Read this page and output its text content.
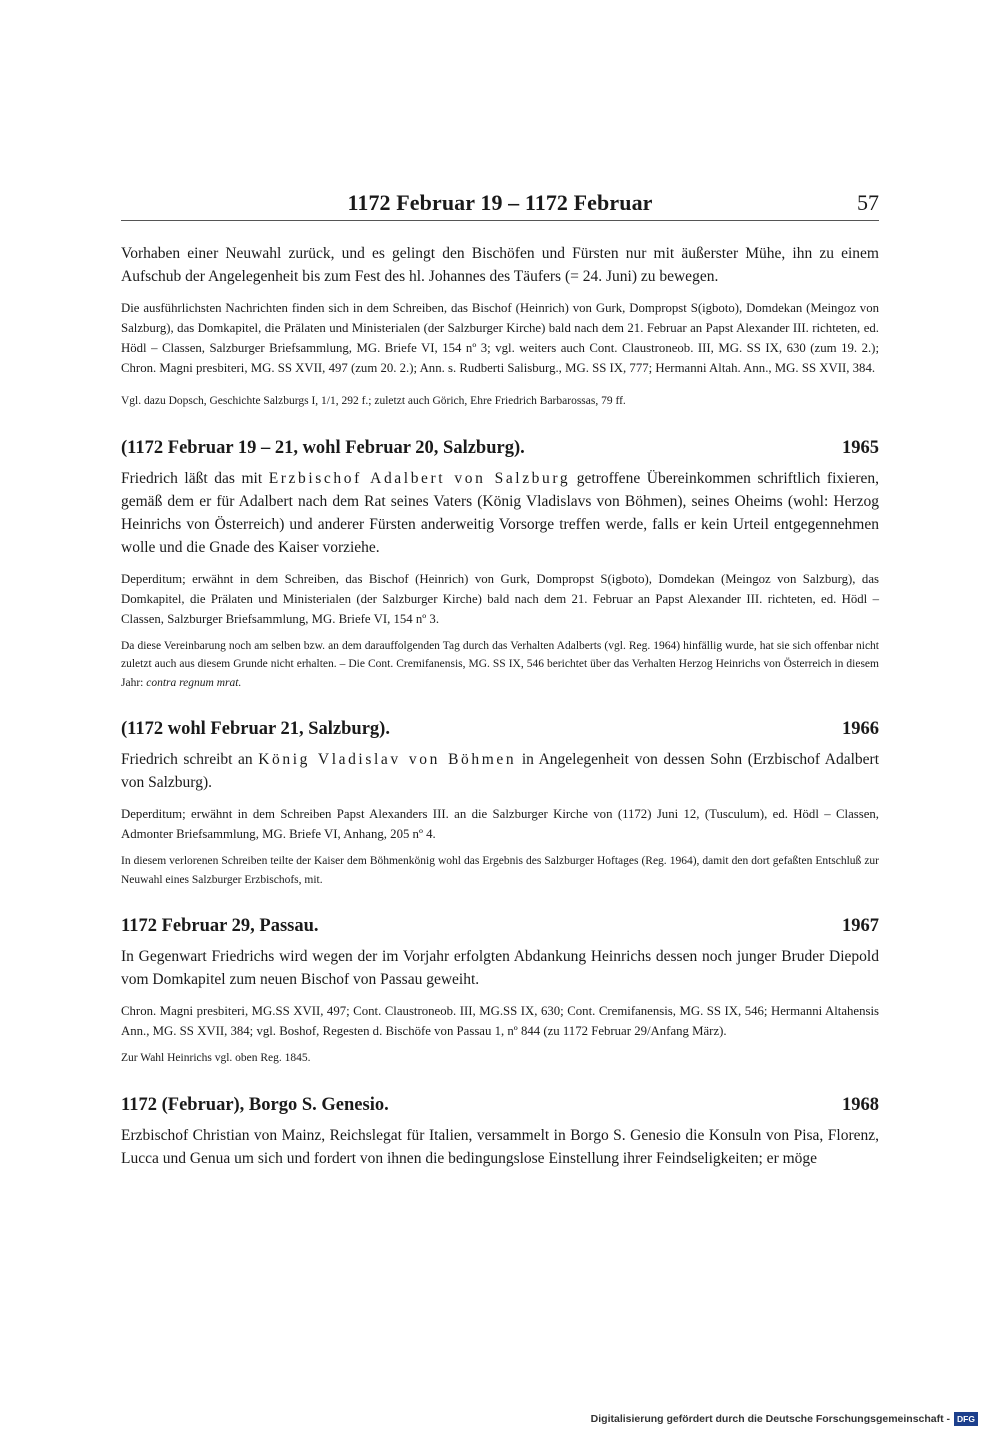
1172 Februar 19 – 1172 Februar	57

Vorhaben einer Neuwahl zurück, und es gelingt den Bischöfen und Fürsten nur mit äußerster Mühe, ihn zu einem Aufschub der Angelegenheit bis zum Fest des hl. Johannes des Täufers (= 24. Juni) zu bewegen.

Die ausführlichsten Nachrichten finden sich in dem Schreiben, das Bischof (Heinrich) von Gurk, Dompropst S(igboto), Domdekan (Meingoz von Salzburg), das Domkapitel, die Prälaten und Ministerialen (der Salzburger Kirche) bald nach dem 21. Februar an Papst Alexander III. richteten, ed. Hödl – Classen, Salzburger Briefsammlung, MG. Briefe VI, 154 nº 3; vgl. weiters auch Cont. Claustroneob. III, MG. SS IX, 630 (zum 19. 2.); Chron. Magni presbiteri, MG. SS XVII, 497 (zum 20. 2.); Ann. s. Rudberti Salisburg., MG. SS IX, 777; Hermanni Altah. Ann., MG. SS XVII, 384.

Vgl. dazu Dopsch, Geschichte Salzburgs I, 1/1, 292 f.; zuletzt auch Görich, Ehre Friedrich Barbarossas, 79 ff.

(1172 Februar 19 – 21, wohl Februar 20, Salzburg).	1965

Friedrich läßt das mit Erzbischof Adalbert von Salzburg getroffene Übereinkommen schriftlich fixieren, gemäß dem er für Adalbert nach dem Rat seines Vaters (König Vladislavs von Böhmen), seines Oheims (wohl: Herzog Heinrichs von Österreich) und anderer Fürsten anderweitig Vorsorge treffen werde, falls er kein Urteil entgegennehmen wolle und die Gnade des Kaiser vorziehe.

Deperditum; erwähnt in dem Schreiben, das Bischof (Heinrich) von Gurk, Dompropst S(igboto), Domdekan (Meingoz von Salzburg), das Domkapitel, die Prälaten und Ministerialen (der Salzburger Kirche) bald nach dem 21. Februar an Papst Alexander III. richteten, ed. Hödl – Classen, Salzburger Briefsammlung, MG. Briefe VI, 154 nº 3.

Da diese Vereinbarung noch am selben bzw. an dem darauffolgenden Tag durch das Verhalten Adalberts (vgl. Reg. 1964) hinfällig wurde, hat sie sich offenbar nicht zuletzt auch aus diesem Grunde nicht erhalten. – Die Cont. Cremifanensis, MG. SS IX, 546 berichtet über das Verhalten Herzog Heinrichs von Österreich in diesem Jahr: contra regnum mrat.

(1172 wohl Februar 21, Salzburg).	1966

Friedrich schreibt an König Vladislav von Böhmen in Angelegenheit von dessen Sohn (Erzbischof Adalbert von Salzburg).

Deperditum; erwähnt in dem Schreiben Papst Alexanders III. an die Salzburger Kirche von (1172) Juni 12, (Tusculum), ed. Hödl – Classen, Admonter Briefsammlung, MG. Briefe VI, Anhang, 205 nº 4.

In diesem verlorenen Schreiben teilte der Kaiser dem Böhmenkönig wohl das Ergebnis des Salzburger Hoftages (Reg. 1964), damit den dort gefaßten Entschluß zur Neuwahl eines Salzburger Erzbischofs, mit.

1172 Februar 29, Passau.	1967

In Gegenwart Friedrichs wird wegen der im Vorjahr erfolgten Abdankung Heinrichs dessen noch junger Bruder Diepold vom Domkapitel zum neuen Bischof von Passau geweiht.

Chron. Magni presbiteri, MG.SS XVII, 497; Cont. Claustroneob. III, MG.SS IX, 630; Cont. Cremifanensis, MG. SS IX, 546; Hermanni Altahensis Ann., MG. SS XVII, 384; vgl. Boshof, Regesten d. Bischöfe von Passau 1, nº 844 (zu 1172 Februar 29/Anfang März).

Zur Wahl Heinrichs vgl. oben Reg. 1845.

1172 (Februar), Borgo S. Genesio.	1968

Erzbischof Christian von Mainz, Reichslegat für Italien, versammelt in Borgo S. Genesio die Konsuln von Pisa, Florenz, Lucca und Genua um sich und fordert von ihnen die bedingungslose Einstellung ihrer Feindseligkeiten; er möge

Digitalisierung gefördert durch die Deutsche Forschungsgemeinschaft - DFG
